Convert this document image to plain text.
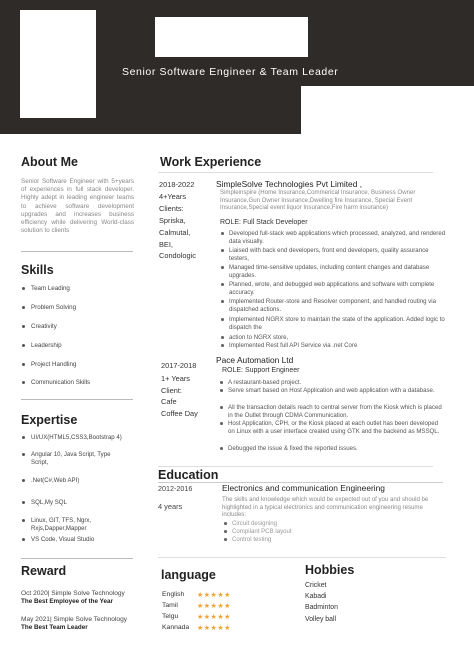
Senior Software Engineer & Team Leader
About Me
Senior Software Engineer with 5+years of experiences in full stack developer. Highly adept in leading engineer teams to achieve software development upgrades and increases business efficiency while delivering World-class solution to clients
Skills
Team Leading
Problem Solving
Creativity
Leadership
Project Handling
Communication Skills
Expertise
UI/UX(HTML5,CSS3,Bootstrap 4)
Angular 10, Java Script, Type Script,
.Net(C#,Web API)
SQL,My SQL
Linux, GIT, TFS, Ngrx, Rxjs,Dapper,Mapper
VS Code, Visual Studio
Reward
Oct 2020| Simple Solve Technology
The Best Employee of the Year
May 2021| Simple Solve Technology
The Best Team Leader
Work Experience
2018-2022
4+Years
Clients:
Spriska,
Calmutal,
BEI,
Condologic
SimpleSolve Technologies Pvt Limited ,
Simpleinspire (Home Insurance,Commerical Insurance, Business Owner Insurance,Gun Owner Insurance,Dwelling fire Insurance, Special Event Insurance,Special event liquor Insurance,Fire harm insurance)
ROLE: Full Stack Developer
Developed full-stack web applications which processed, analyzed, and rendered data visually.
Liaised with back end developers, front end developers, quality assurance testers,
Managed time-sensitive updates, including content changes and database upgrades.
Planned, wrote, and debugged web applications and software with complete accuracy.
Implemented Router-store and Resolver component, and handled routing via dispatched actions.
Implemented NGRX store to maintain the state of the application. Added logic to dispatch the
action to NGRX store,
Implemented Rest full API Service via .net Core
2017-2018
1+ Years
Client:
Cafe
Coffee Day
Pace Automation Ltd
ROLE: Support Engineer
A restaurant-based project.
Serve smart based on Host Application and web application with a database.
All the transaction details reach to central server from the Kiosk which is placed in the Outlet through CDMA Communication.
Host Application, CPH, or the Kiosk placed at each outlet has been developed on Linux with a user interface created using GTK and the backend as MSSQL.
Debugged the issue & fixed the reported issues.
Education
2012-2016
4 years
Electronics and communication Engineering
The skills and knowledge which would be expected out of you and should be highlighted in a typical electronics and communication engineering resume includes:
Circuit designing
Compilant PCB layout
Control testing
language
English ★★★★★
Tamil	★★★★★
Telgu	★★★★★
Kannada ★★★★★
Hobbies
Cricket
Kabadi
Badminton
Volley ball
